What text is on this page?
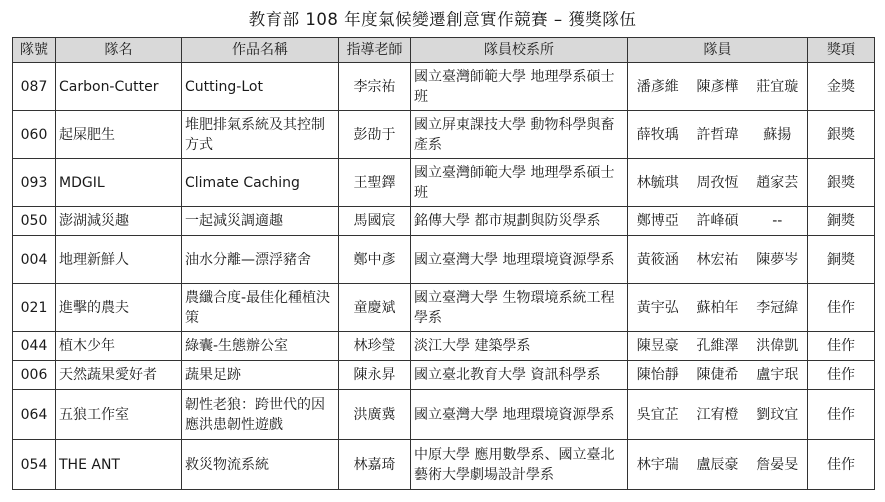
教育部 108 年度氣候變遷創意實作競賽 – 獲獎隊伍
隊號	隊名	作品名稱	指導老師	隊員校系所	隊員			獎項
087	Carbon-Cutter	Cutting-Lot	李宗祐	國立臺灣師範大學 地理學系碩士班	潘彥維	陳彥樺	莊宜璇	金獎
060	起屎肥生	堆肥排氣系統及其控制方式	彭劭于	國立屏東課技大學 動物科學與畜產系	薛牧瑀	許哲瑋	蘇揚	銀獎
093	MDGIL	Climate Caching	王聖鐸	國立臺灣師範大學 地理學系碩士班	林毓琪	周孜恆	趙家芸	銀獎
050	澎湖減災趣	一起減災調適趣	馬國宸	銘傳大學 都市規劃與防災學系	鄭博亞	許峰碩	--	銅獎
004	地理新鮮人	油水分離—漂浮豬舍	鄭中彥	國立臺灣大學 地理環境資源學系	黃筱涵	林宏祐	陳夢岑	銅獎
021	進擊的農夫	農纖合度-最佳化種植決策	童慶斌	國立臺灣大學 生物環境系統工程學系	黃宇弘	蘇柏年	李冠緯	佳作
044	植木少年	綠囊-生態辦公室	林珍瑩	淡江大學 建築學系	陳昱豪	孔維澤	洪偉凱	佳作
006	天然蔬果愛好者	蔬果足跡	陳永昇	國立臺北教育大學 資訊科學系	陳怡靜	陳倢希	盧宇珉	佳作
064	五狼工作室	韌性老狼：跨世代的因應洪患韌性遊戲	洪廣冀	國立臺灣大學 地理環境資源學系	吳宜芷	江宥橙	劉玟宜	佳作
054	THE ANT	救災物流系統	林嘉琦	中原大學 應用數學系、國立臺北藝術大學劇場設計學系	林宇瑞	盧辰豪	詹晏旻	佳作
